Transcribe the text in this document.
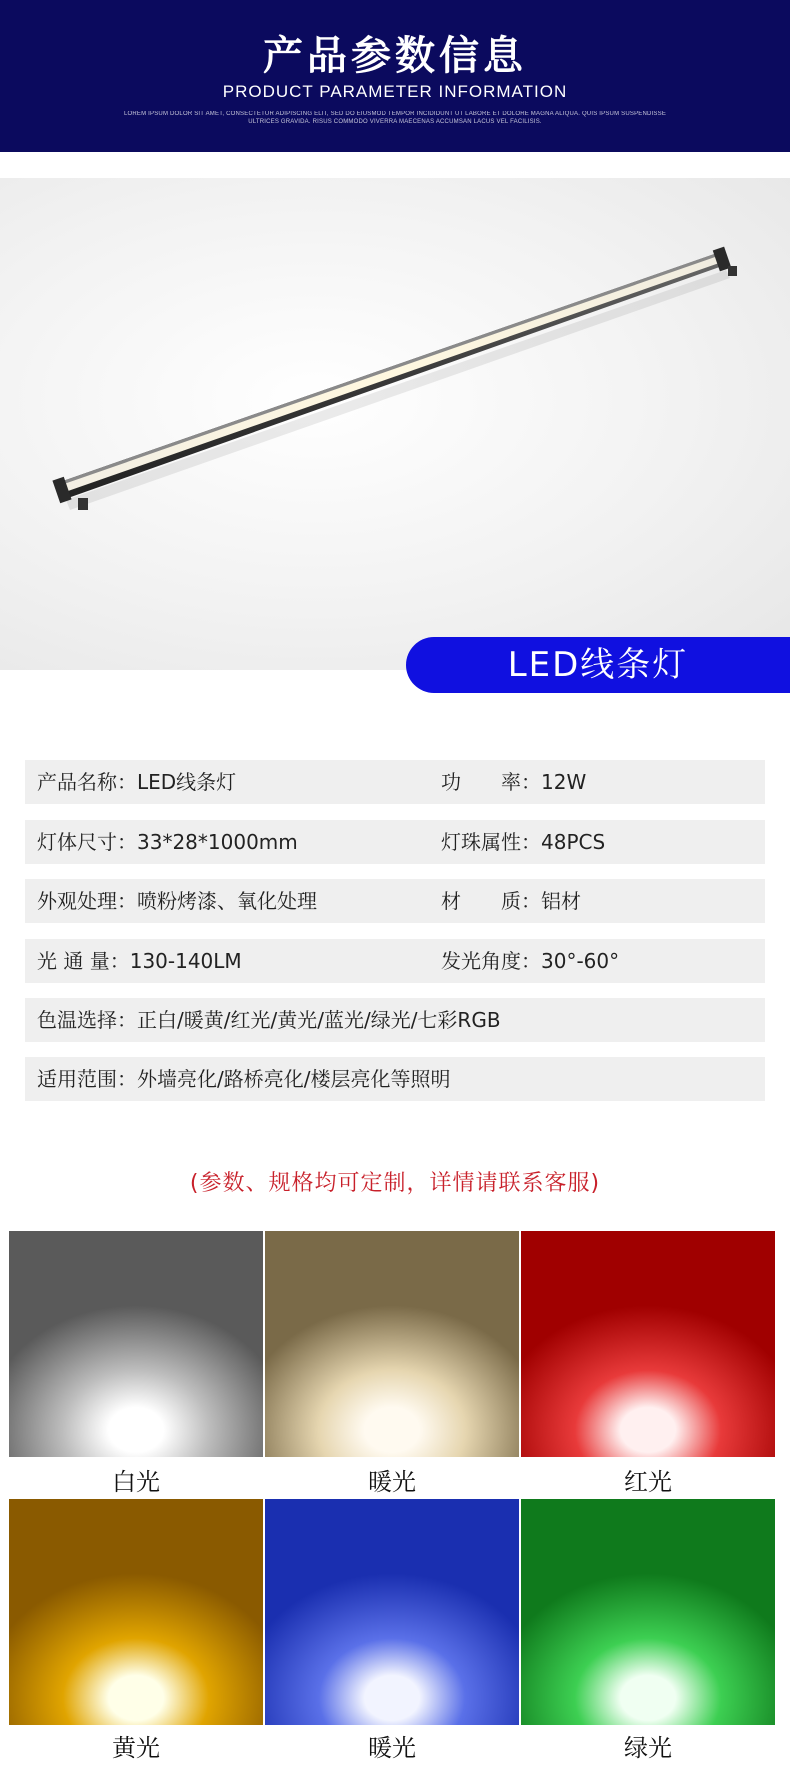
产品参数信息
PRODUCT PARAMETER INFORMATION
LOREM IPSUM DOLOR SIT AMET, CONSECTETUR ADIPISCING ELIT, SED DO EIUSMOD TEMPOR INCIDIDUNT UT LABORE ET DOLORE MAGNA ALIQUA. QUIS IPSUM SUSPENDISSE ULTRICES GRAVIDA. RISUS COMMODO VIVERRA MAECENAS ACCUMSAN LACUS VEL FACILISIS.
LED线条灯
产品名称：LED线条灯	功　　率：12W
灯体尺寸：33*28*1000mm	灯珠属性：48PCS
外观处理：喷粉烤漆、氧化处理	材　　质：铝材
光 通 量：130-140LM	发光角度：30°-60°
色温选择：正白/暖黄/红光/黄光/蓝光/绿光/七彩RGB
适用范围：外墙亮化/路桥亮化/楼层亮化等照明
(参数、规格均可定制，详情请联系客服)
白光	暖光	红光
黄光	暖光	绿光
